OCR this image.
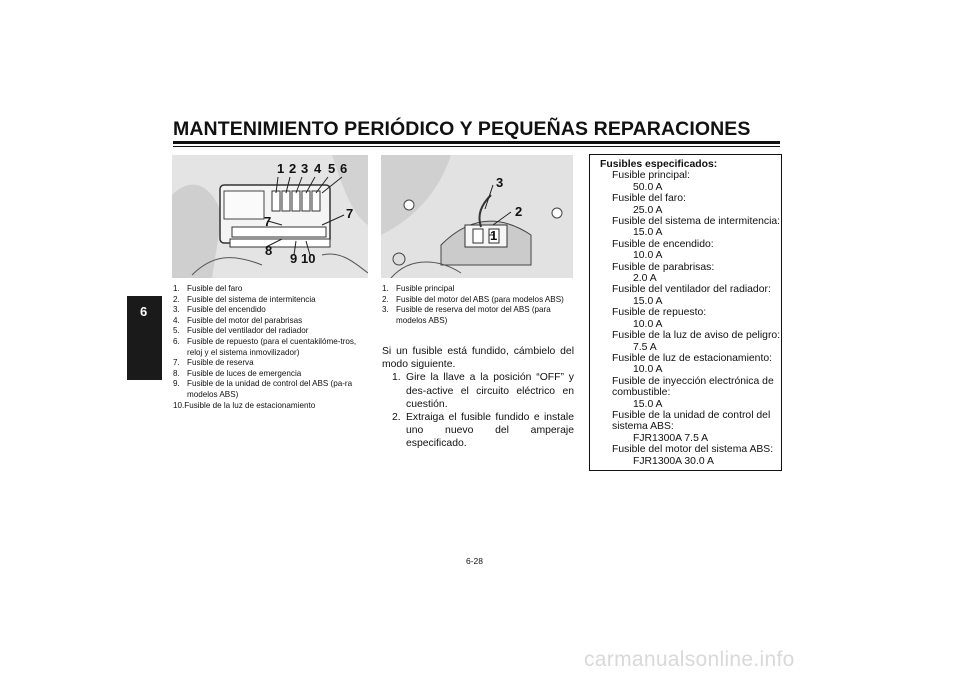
MANTENIMIENTO PERIÓDICO Y PEQUEÑAS REPARACIONES
6
1 2 3 4 5 6
7
7
8
9 10
1. Fusible del faro
2. Fusible del sistema de intermitencia
3. Fusible del encendido
4. Fusible del motor del parabrisas
5. Fusible del ventilador del radiador
6. Fusible de repuesto (para el cuentakilóme-tros, reloj y el sistema inmovilizador)
7. Fusible de reserva
8. Fusible de luces de emergencia
9. Fusible de la unidad de control del ABS (pa-ra modelos ABS)
10.Fusible de la luz de estacionamiento
3
2
1
1. Fusible principal
2. Fusible del motor del ABS (para modelos ABS)
3. Fusible de reserva del motor del ABS (para modelos ABS)
Si un fusible está fundido, cámbielo del modo siguiente.
1. Gire la llave a la posición “OFF” y des-active el circuito eléctrico en cuestión.
2. Extraiga el fusible fundido e instale uno nuevo del amperaje especificado.
Fusibles especificados:
Fusible principal:
50.0 A
Fusible del faro:
25.0 A
Fusible del sistema de intermitencia:
15.0 A
Fusible de encendido:
10.0 A
Fusible de parabrisas:
2.0 A
Fusible del ventilador del radiador:
15.0 A
Fusible de repuesto:
10.0 A
Fusible de la luz de aviso de peligro:
7.5 A
Fusible de luz de estacionamiento:
10.0 A
Fusible de inyección electrónica de combustible:
15.0 A
Fusible de la unidad de control del sistema ABS:
FJR1300A 7.5 A
Fusible del motor del sistema ABS:
FJR1300A 30.0 A
6-28
carmanualsonline.info
